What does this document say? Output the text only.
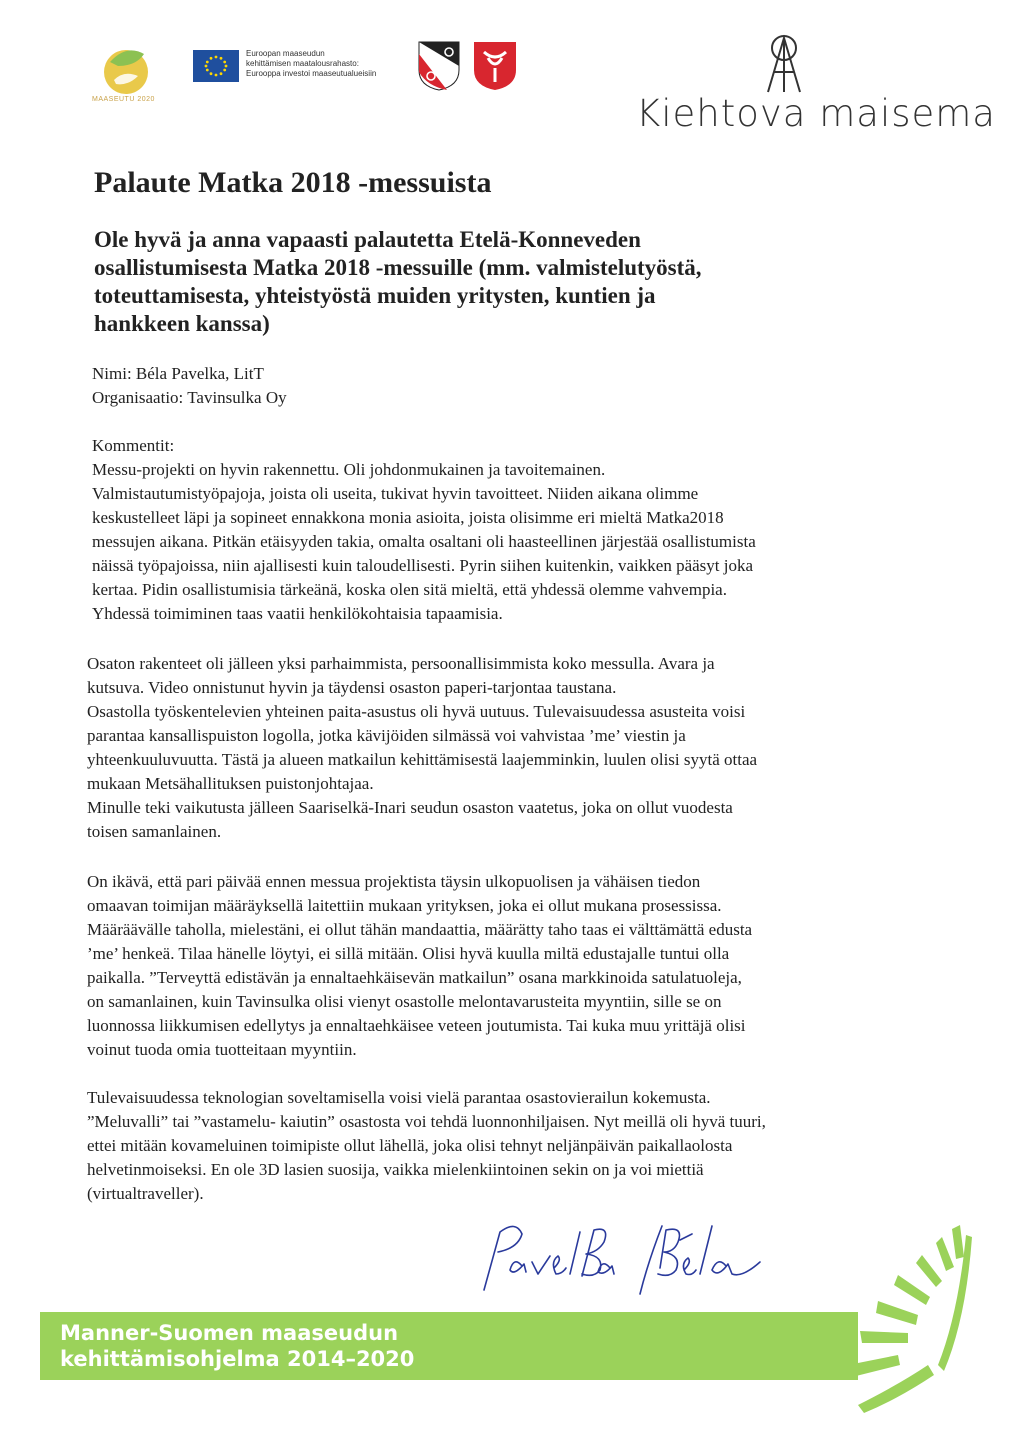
MAASEUTU 2020
Euroopan maaseudun
kehittämisen maatalousrahasto:
Eurooppa investoi maaseutualueisiin
Kiehtova maisema
Palaute Matka 2018 -messuista
Ole hyvä ja anna vapaasti palautetta Etelä-Konneveden
osallistumisesta Matka 2018 -messuille (mm. valmistelutyöstä,
toteuttamisesta, yhteistyöstä muiden yritysten, kuntien ja
hankkeen kanssa)
Nimi: Béla Pavelka, LitT
Organisaatio: Tavinsulka Oy
Kommentit:
Messu-projekti on hyvin rakennettu. Oli johdonmukainen ja tavoitemainen.
Valmistautumistyöpajoja, joista oli useita, tukivat hyvin tavoitteet. Niiden aikana olimme
keskustelleet läpi ja sopineet ennakkona monia asioita, joista olisimme eri mieltä Matka2018
messujen aikana. Pitkän etäisyyden takia, omalta osaltani oli haasteellinen järjestää osallistumista
näissä työpajoissa, niin ajallisesti kuin taloudellisesti. Pyrin siihen kuitenkin, vaikken pääsyt joka
kertaa. Pidin osallistumisia tärkeänä, koska olen sitä mieltä, että yhdessä olemme vahvempia.
Yhdessä toimiminen taas vaatii henkilökohtaisia tapaamisia.
Osaton rakenteet oli jälleen yksi parhaimmista, persoonallisimmista koko messulla. Avara ja
kutsuva. Video onnistunut hyvin ja täydensi osaston paperi-tarjontaa taustana.
Osastolla työskentelevien yhteinen paita-asustus oli hyvä uutuus. Tulevaisuudessa asusteita voisi
parantaa kansallispuiston logolla, jotka kävijöiden silmässä voi vahvistaa ’me’ viestin ja
yhteenkuuluvuutta. Tästä ja alueen matkailun kehittämisestä laajemminkin, luulen olisi syytä ottaa
mukaan Metsähallituksen puistonjohtajaa.
Minulle teki vaikutusta jälleen Saariselkä-Inari seudun osaston vaatetus, joka on ollut vuodesta
toisen samanlainen.
On ikävä, että pari päivää ennen messua projektista täysin ulkopuolisen ja vähäisen tiedon
omaavan toimijan määräyksellä laitettiin mukaan yrityksen, joka ei ollut mukana prosessissa.
Määräävälle taholla, mielestäni, ei ollut tähän mandaattia, määrätty taho taas ei välttämättä edusta
’me’ henkeä. Tilaa hänelle löytyi, ei sillä mitään. Olisi hyvä kuulla miltä edustajalle tuntui olla
paikalla. ”Terveyttä edistävän ja ennaltaehkäisevän matkailun” osana markkinoida satulatuoleja,
on samanlainen, kuin Tavinsulka olisi vienyt osastolle melontavarusteita myyntiin, sille se on
luonnossa liikkumisen edellytys ja ennaltaehkäisee veteen joutumista. Tai kuka muu yrittäjä olisi
voinut tuoda omia tuotteitaan myyntiin.
Tulevaisuudessa teknologian soveltamisella voisi vielä parantaa osastovierailun kokemusta.
”Meluvalli” tai ”vastamelu- kaiutin” osastosta voi tehdä luonnonhiljaisen. Nyt meillä oli hyvä tuuri,
ettei mitään kovameluinen toimipiste ollut lähellä, joka olisi tehnyt neljänpäivän paikallaolosta
helvetinmoiseksi. En ole 3D lasien suosija, vaikka mielenkiintoinen sekin on ja voi miettiä
(virtualtraveller).
Manner-Suomen maaseudun
kehittämisohjelma 2014–2020
